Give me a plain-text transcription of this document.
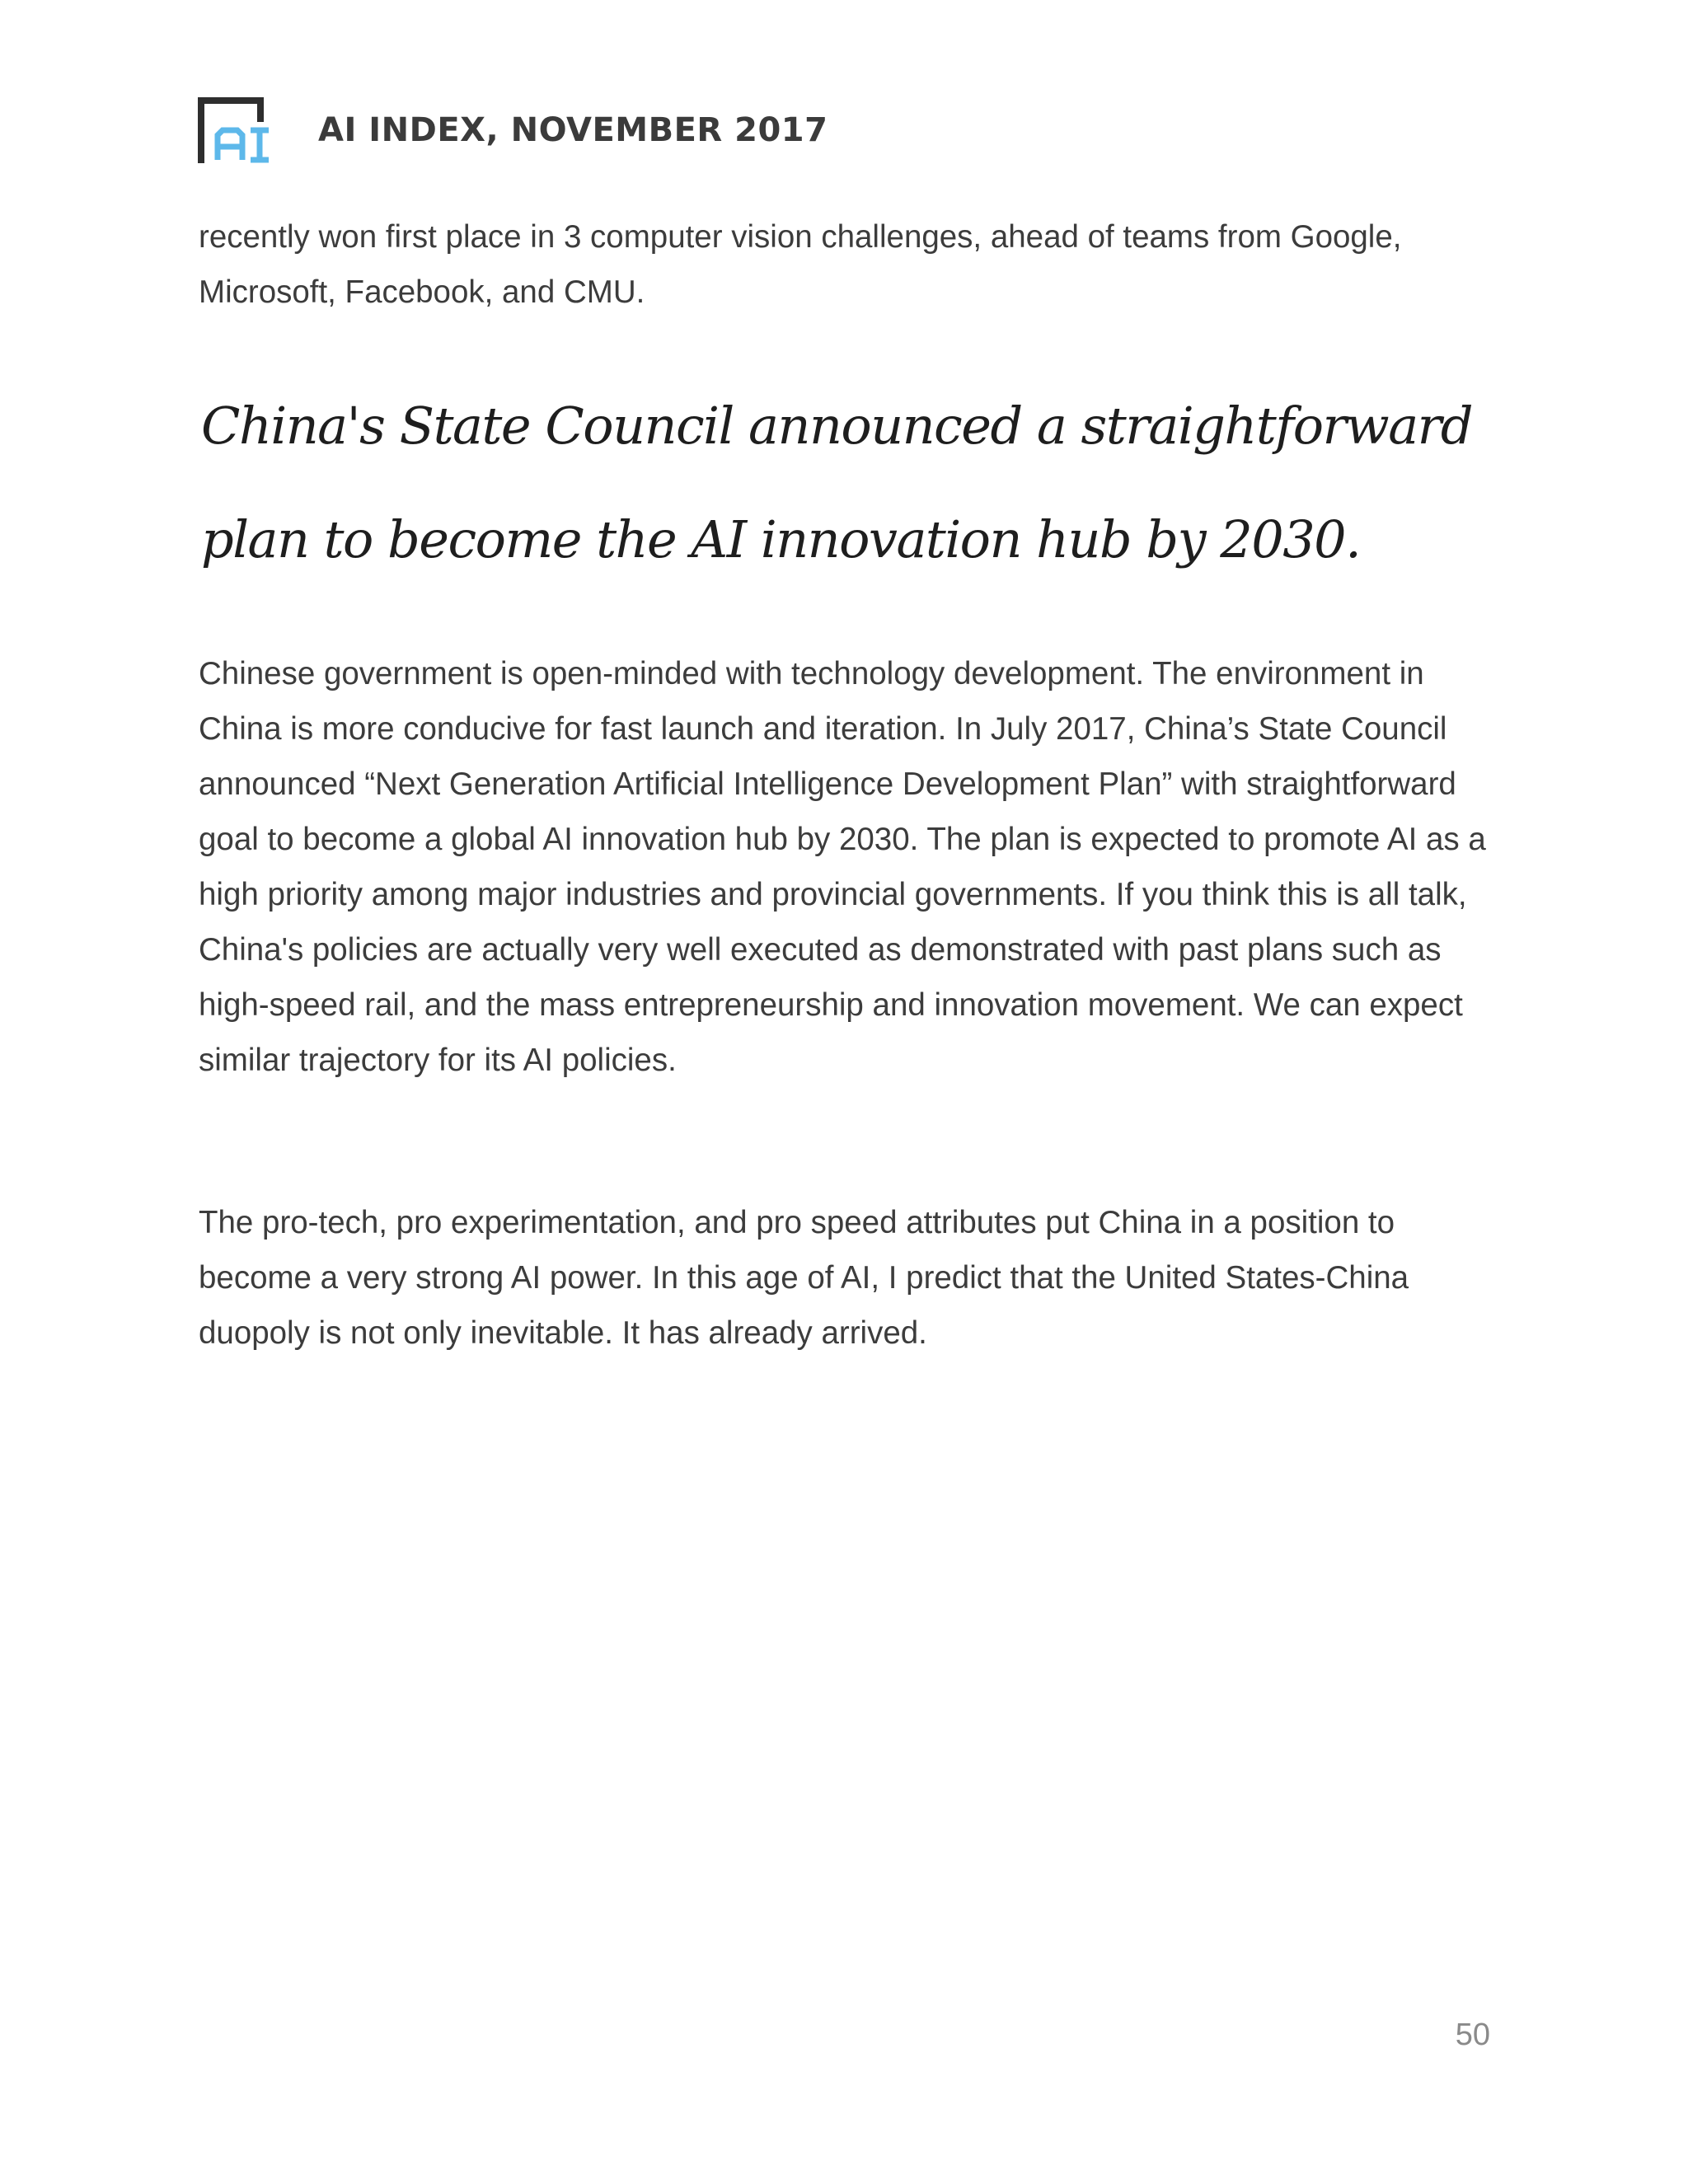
AI INDEX, NOVEMBER 2017

recently won first place in 3 computer vision challenges, ahead of teams from Google, Microsoft, Facebook, and CMU.

China's State Council announced a straightforward plan to become the AI innovation hub by 2030.

Chinese government is open-minded with technology development. The environment in China is more conducive for fast launch and iteration. In July 2017, China’s State Council announced “Next Generation Artificial Intelligence Development Plan” with straightforward goal to become a global AI innovation hub by 2030. The plan is expected to promote AI as a high priority among major industries and provincial governments. If you think this is all talk, China's policies are actually very well executed as demonstrated with past plans such as high-speed rail, and the mass entrepreneurship and innovation movement. We can expect similar trajectory for its AI policies.

The pro-tech, pro experimentation, and pro speed attributes put China in a position to become a very strong AI power. In this age of AI, I predict that the United States-China duopoly is not only inevitable. It has already arrived.

50
